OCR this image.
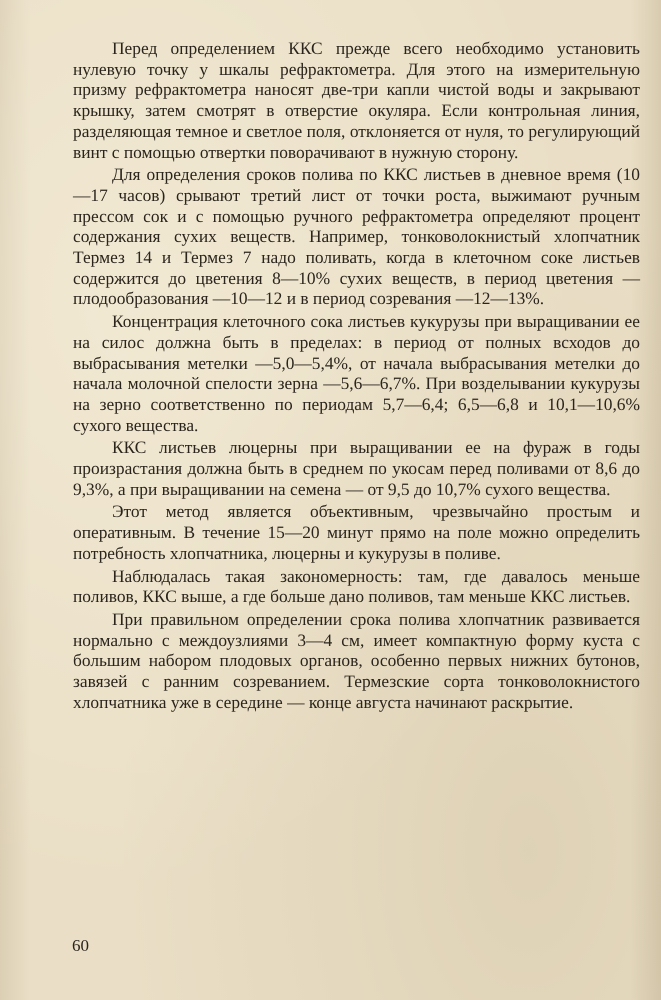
Перед определением ККС прежде всего необходимо установить нулевую точку у шкалы рефрактометра. Для этого на измерительную призму рефрактометра наносят две-три капли чистой воды и закрывают крышку, затем смотрят в отверстие окуляра. Если контрольная линия, разделяющая темное и светлое поля, отклоняется от нуля, то регулирующий винт с помощью отвертки поворачивают в нужную сторону.

Для определения сроков полива по ККС листьев в дневное время (10—17 часов) срывают третий лист от точки роста, выжимают ручным прессом сок и с помощью ручного рефрактометра определяют процент содержания сухих веществ. Например, тонковолокнистый хлопчатник Термез 14 и Термез 7 надо поливать, когда в клеточном соке листьев содержится до цветения 8—10% сухих веществ, в период цветения — плодообразования —10—12 и в период созревания —12—13%.

Концентрация клеточного сока листьев кукурузы при выращивании ее на силос должна быть в пределах: в период от полных всходов до выбрасывания метелки —5,0—5,4%, от начала выбрасывания метелки до начала молочной спелости зерна —5,6—6,7%. При возделывании кукурузы на зерно соответственно по периодам 5,7—6,4; 6,5—6,8 и 10,1—10,6% сухого вещества.

ККС листьев люцерны при выращивании ее на фураж в годы произрастания должна быть в среднем по укосам перед поливами от 8,6 до 9,3%, а при выращивании на семена — от 9,5 до 10,7% сухого вещества.

Этот метод является объективным, чрезвычайно простым и оперативным. В течение 15—20 минут прямо на поле можно определить потребность хлопчатника, люцерны и кукурузы в поливе.

Наблюдалась такая закономерность: там, где давалось меньше поливов, ККС выше, а где больше дано поливов, там меньше ККС листьев.

При правильном определении срока полива хлопчатник развивается нормально с междоузлиями 3—4 см, имеет компактную форму куста с большим набором плодовых органов, особенно первых нижних бутонов, завязей с ранним созреванием. Термезские сорта тонковолокнистого хлопчатника уже в середине — конце августа начинают раскрытие.

60
